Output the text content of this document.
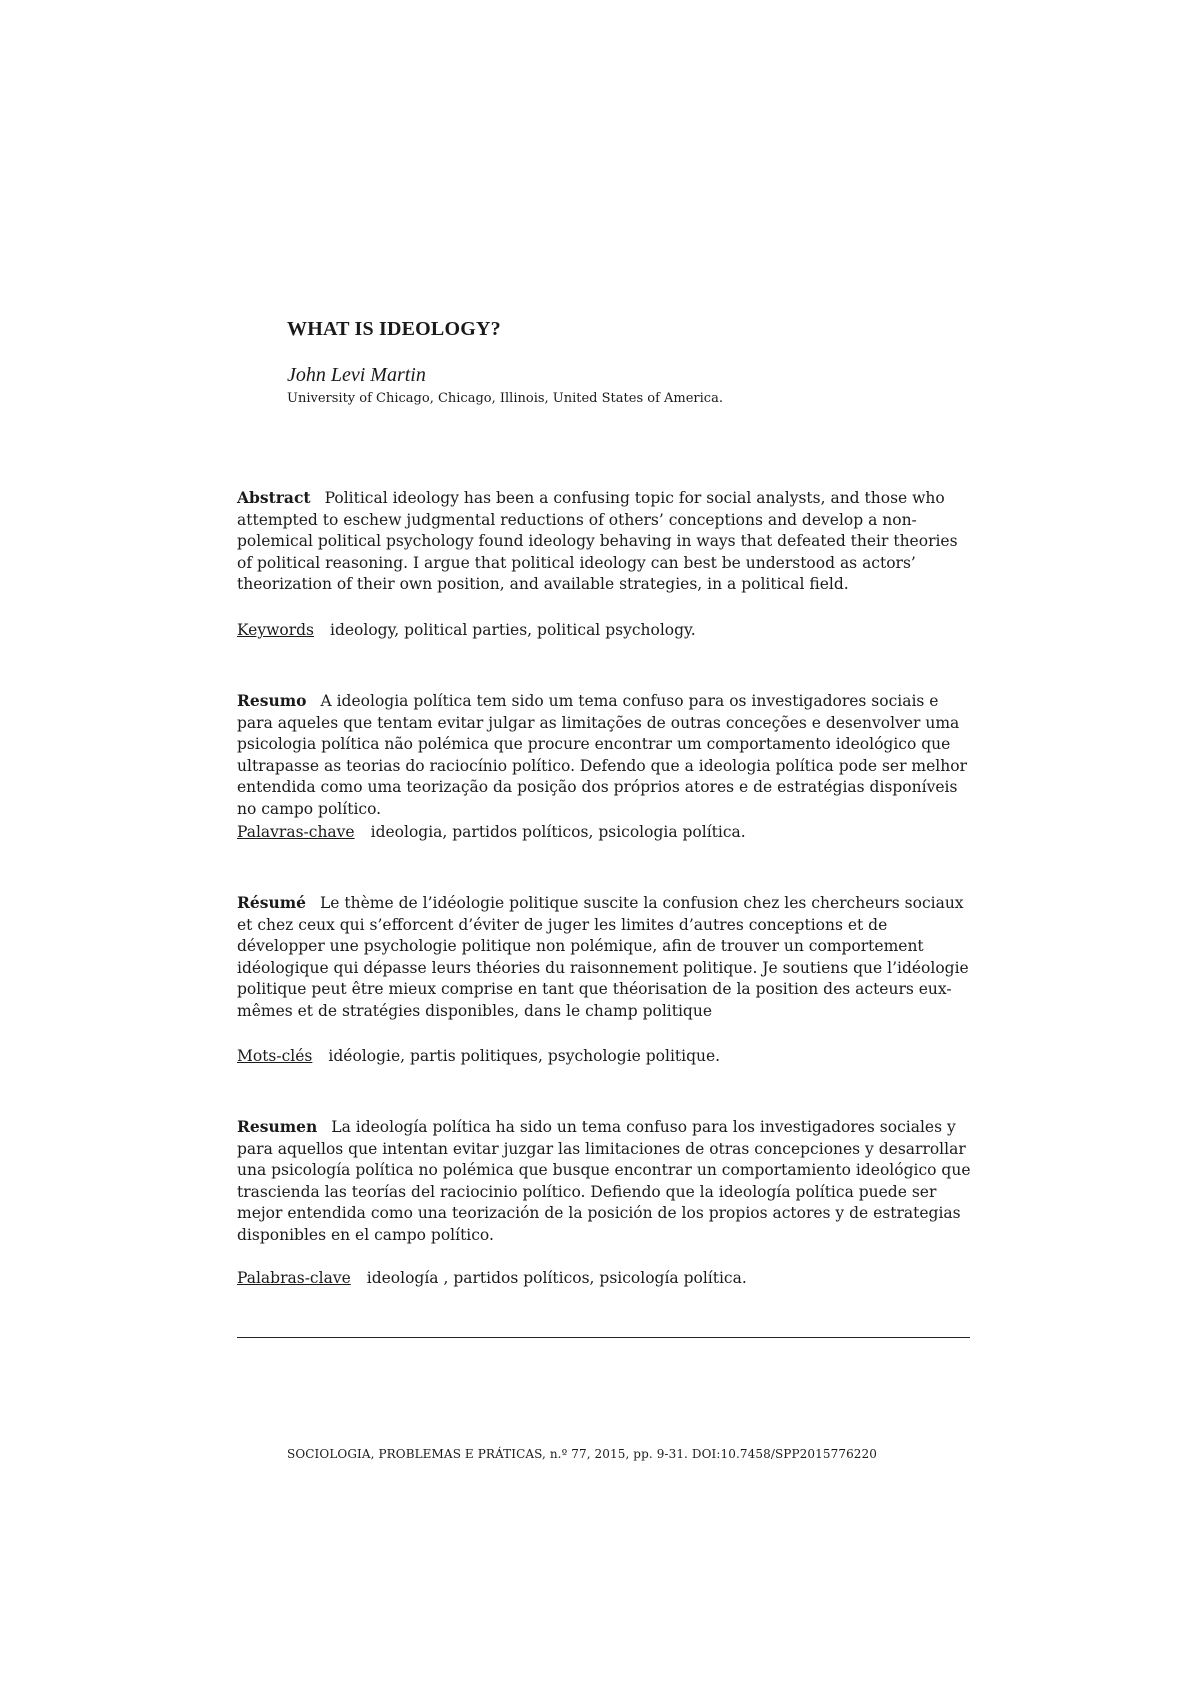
WHAT IS IDEOLOGY?

John Levi Martin

University of Chicago, Chicago, Illinois, United States of America.

Abstract Political ideology has been a confusing topic for social analysts, and those who attempted to eschew judgmental reductions of others’ conceptions and develop a non-polemical political psychology found ideology behaving in ways that defeated their theories of political reasoning. I argue that political ideology can best be understood as actors’ theorization of their own position, and available strategies, in a political field.

Keywords ideology, political parties, political psychology.

Resumo A ideologia política tem sido um tema confuso para os investigadores sociais e para aqueles que tentam evitar julgar as limitações de outras conceções e desenvolver uma psicologia política não polémica que procure encontrar um comportamento ideológico que ultrapasse as teorias do raciocínio político. Defendo que a ideologia política pode ser melhor entendida como uma teorização da posição dos próprios atores e de estratégias disponíveis no campo político.

Palavras-chave ideologia, partidos políticos, psicologia política.

Résumé Le thème de l’idéologie politique suscite la confusion chez les chercheurs sociaux et chez ceux qui s’efforcent d’éviter de juger les limites d’autres conceptions et de développer une psychologie politique non polémique, afin de trouver un comportement idéologique qui dépasse leurs théories du raisonnement politique. Je soutiens que l’idéologie politique peut être mieux comprise en tant que théorisation de la position des acteurs eux-mêmes et de stratégies disponibles, dans le champ politique

Mots-clés idéologie, partis politiques, psychologie politique.

Resumen La ideología política ha sido un tema confuso para los investigadores sociales y para aquellos que intentan evitar juzgar las limitaciones de otras concepciones y desarrollar una psicología política no polémica que busque encontrar un comportamiento ideológico que trascienda las teorías del raciocinio político. Defiendo que la ideología política puede ser mejor entendida como una teorización de la posición de los propios actores y de estrategias disponibles en el campo político.

Palabras-clave ideología , partidos políticos, psicología política.
SOCIOLOGIA, PROBLEMAS E PRÁTICAS, n.º 77, 2015, pp. 9-31. DOI:10.7458/SPP2015776220
